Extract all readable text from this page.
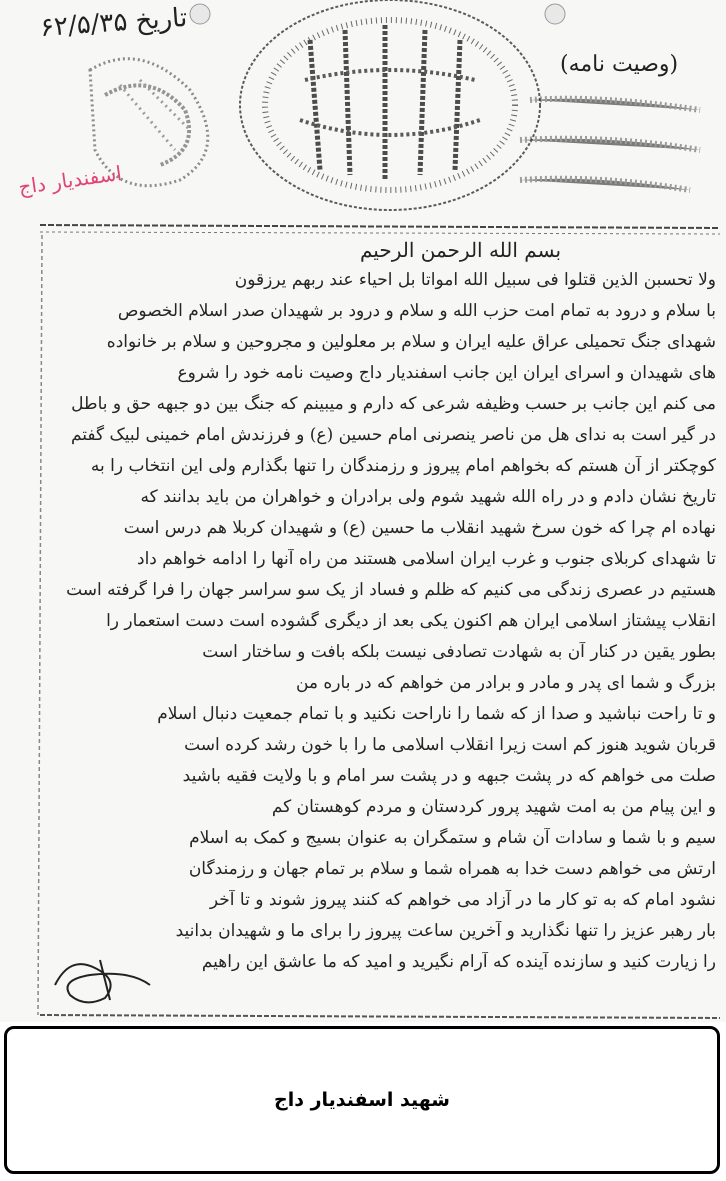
تاریخ ۶۲/۵/۳۵
(وصیت نامه)
اسفندیار داج
بسم الله الرحمن الرحیم
ولا تحسبن الذین قتلوا فی سبیل الله امواتا بل احیاء عند ربهم یرزقون
با سلام و درود به تمام امت حزب الله و سلام و درود بر شهیدان صدر اسلام الخصوص
شهدای جنگ تحمیلی عراق علیه ایران و سلام بر معلولین و مجروحین و سلام بر خانواده
های شهیدان و اسرای ایران این جانب اسفندیار داج وصیت نامه خود را شروع
می کنم این جانب بر حسب وظیفه شرعی که دارم و میبینم که جنگ بین دو جبهه حق و باطل
در گیر است به ندای هل من ناصر ینصرنی امام حسین (ع) و فرزندش امام خمینی لبیک گفتم
کوچکتر از آن هستم که بخواهم امام پیروز و رزمندگان را تنها بگذارم ولی این انتخاب را به
تاریخ نشان دادم و در راه الله شهید شوم ولی برادران و خواهران من باید بدانند که
نهاده ام چرا که خون سرخ شهید انقلاب ما حسین (ع) و شهیدان کربلا هم درس است
تا شهدای کربلای جنوب و غرب ایران اسلامی هستند من راه آنها را ادامه خواهم داد
هستیم در عصری زندگی می کنیم که ظلم و فساد از یک سو سراسر جهان را فرا گرفته است
انقلاب پیشتاز اسلامی ایران هم اکنون یکی بعد از دیگری گشوده است دست استعمار را
بطور یقین در کنار آن به شهادت تصادفی نیست بلکه بافت و ساختار است
بزرگ و شما ای پدر و مادر و برادر من خواهم که در باره من
و تا راحت نباشید و صدا از که شما را ناراحت نکنید و با تمام جمعیت دنبال اسلام
قربان شوید هنوز کم است زیرا انقلاب اسلامی ما را با خون رشد کرده است
صلت می خواهم که در پشت جبهه و در پشت سر امام و با ولایت فقیه باشید
و این پیام من به امت شهید پرور کردستان و مردم کوهستان کم
سیم و با شما و سادات آن شام و ستمگران به عنوان بسیج و کمک به اسلام
ارتش می خواهم دست خدا به همراه شما و سلام بر تمام جهان و رزمندگان
نشود امام که به تو کار ما در آزاد می خواهم که کنند پیروز شوند و تا آخر
بار رهبر عزیز را تنها نگذارید و آخرین ساعت پیروز را برای ما و شهیدان بدانید
را زیارت کنید و سازنده آینده که آرام نگیرید و امید که ما عاشق این راهیم
شهید اسفندیار داج
